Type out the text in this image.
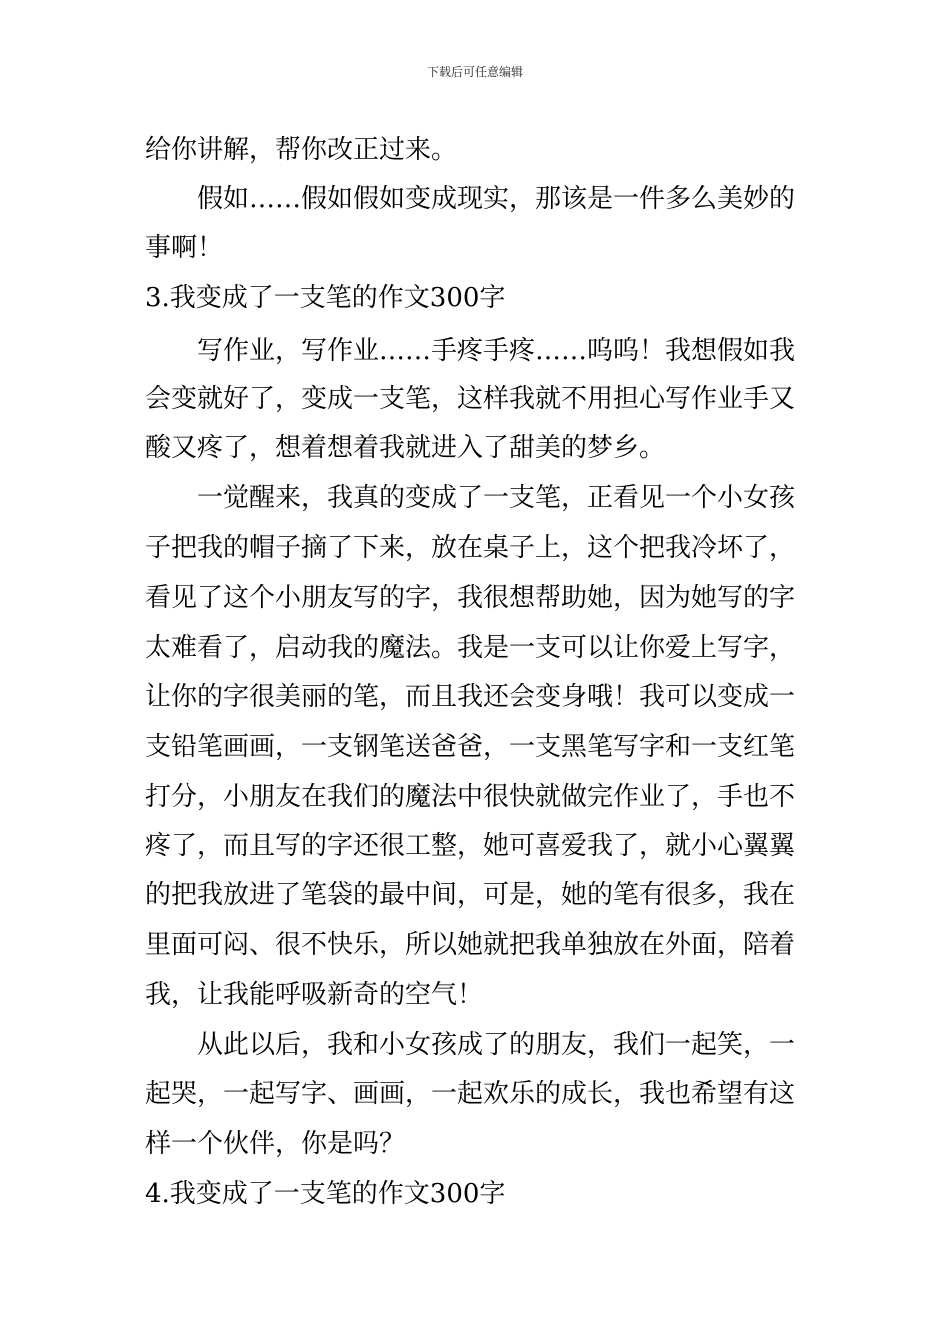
下载后可任意编辑
给你讲解，帮你改正过来。
假如……假如假如变成现实，那该是一件多么美妙的
事啊！
3.我变成了一支笔的作文300字
写作业，写作业……手疼手疼……呜呜！我想假如我
会变就好了，变成一支笔，这样我就不用担心写作业手又
酸又疼了，想着想着我就进入了甜美的梦乡。
一觉醒来，我真的变成了一支笔，正看见一个小女孩
子把我的帽子摘了下来，放在桌子上，这个把我冷坏了，
看见了这个小朋友写的字，我很想帮助她，因为她写的字
太难看了，启动我的魔法。我是一支可以让你爱上写字，
让你的字很美丽的笔，而且我还会变身哦！我可以变成一
支铅笔画画，一支钢笔送爸爸，一支黑笔写字和一支红笔
打分，小朋友在我们的魔法中很快就做完作业了，手也不
疼了，而且写的字还很工整，她可喜爱我了，就小心翼翼
的把我放进了笔袋的最中间，可是，她的笔有很多，我在
里面可闷、很不快乐，所以她就把我单独放在外面，陪着
我，让我能呼吸新奇的空气！
从此以后，我和小女孩成了的朋友，我们一起笑，一
起哭，一起写字、画画，一起欢乐的成长，我也希望有这
样一个伙伴，你是吗？
4.我变成了一支笔的作文300字
